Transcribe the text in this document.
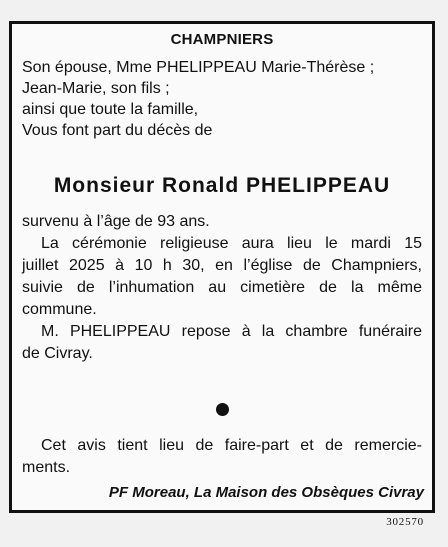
CHAMPNIERS
Son épouse, Mme PHELIPPEAU Marie-Thérèse ;
Jean-Marie, son fils ;
ainsi que toute la famille,
Vous font part du décès de
Monsieur Ronald PHELIPPEAU
survenu à l’âge de 93 ans.
La cérémonie religieuse aura lieu le mardi 15
juillet 2025 à 10 h 30, en l’église de Champniers,
suivie de l’inhumation au cimetière de la même
commune.
M. PHELIPPEAU repose à la chambre funéraire
de Civray.
Cet avis tient lieu de faire-part et de remercie-
ments.
PF Moreau, La Maison des Obsèques Civray
302570
